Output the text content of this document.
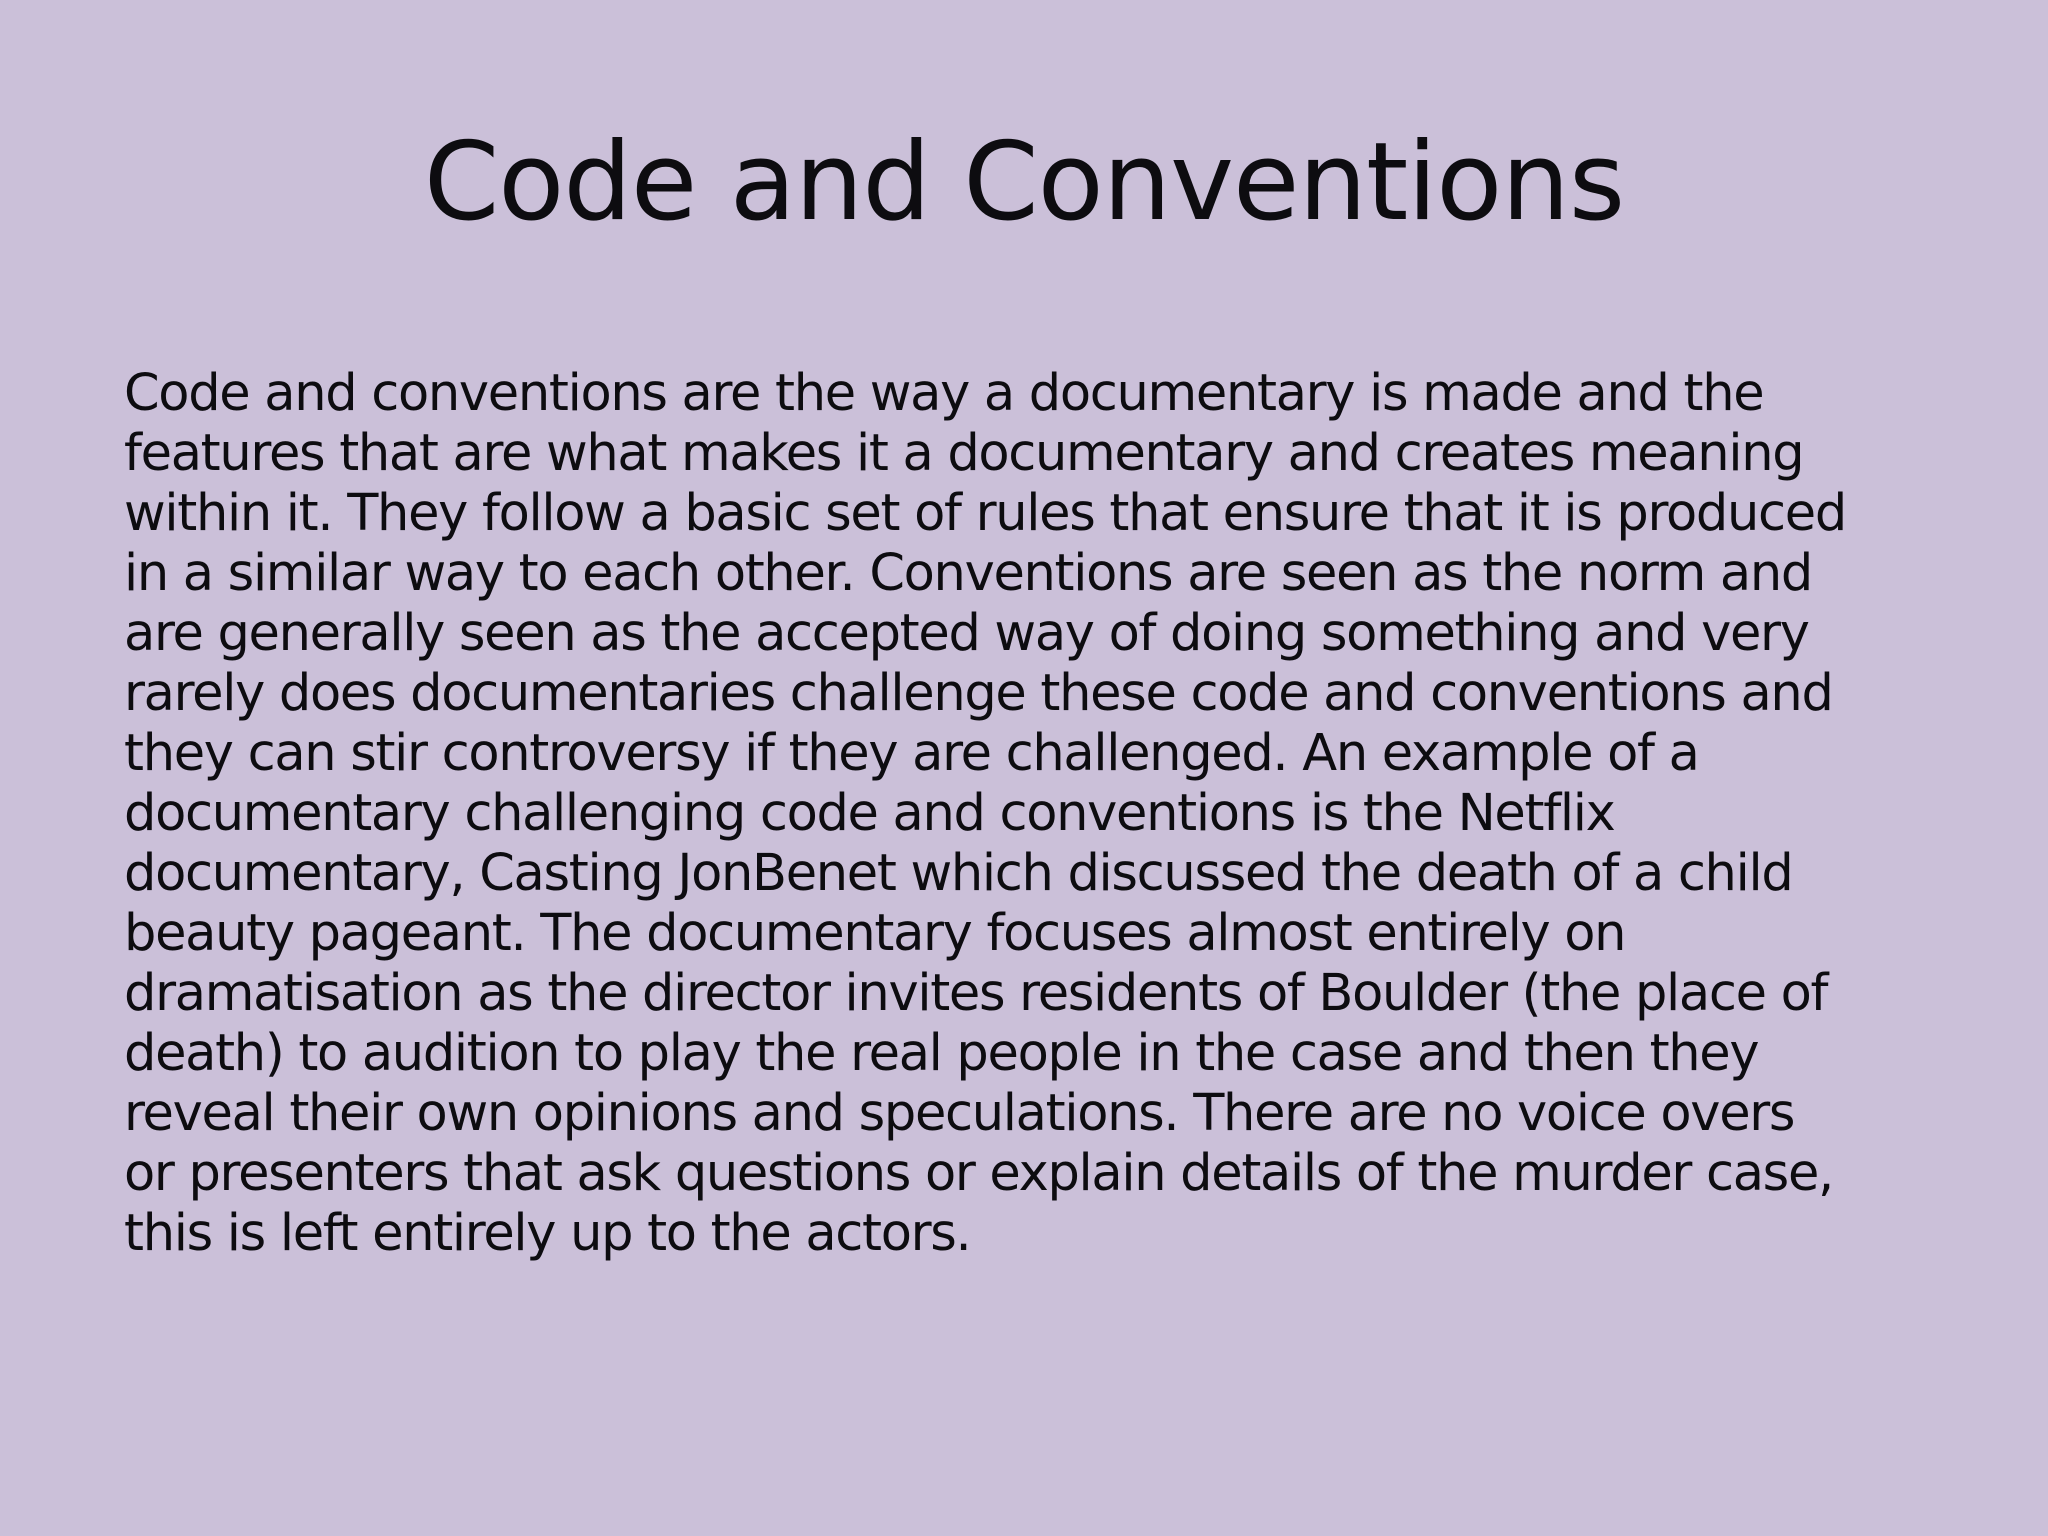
Code and Conventions
Code and conventions are the way a documentary is made and the
features that are what makes it a documentary and creates meaning
within it. They follow a basic set of rules that ensure that it is produced
in a similar way to each other. Conventions are seen as the norm and
are generally seen as the accepted way of doing something and very
rarely does documentaries challenge these code and conventions and
they can stir controversy if they are challenged. An example of a
documentary challenging code and conventions is the Netflix
documentary, Casting JonBenet which discussed the death of a child
beauty pageant. The documentary focuses almost entirely on
dramatisation as the director invites residents of Boulder (the place of
death) to audition to play the real people in the case and then they
reveal their own opinions and speculations. There are no voice overs
or presenters that ask questions or explain details of the murder case,
this is left entirely up to the actors.
